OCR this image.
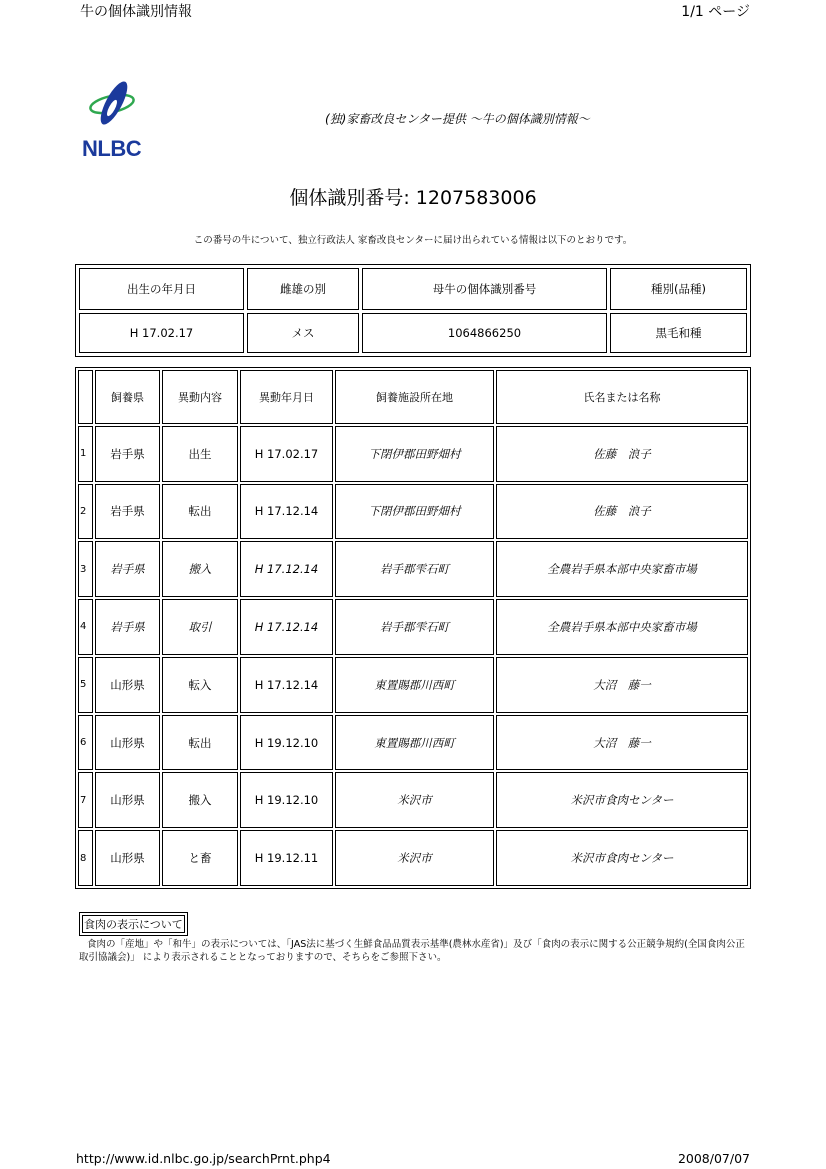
牛の個体識別情報	1/1 ページ
NLBC
(独)家畜改良センター提供 ～牛の個体識別情報～
個体識別番号: 1207583006
この番号の牛について、独立行政法人 家畜改良センターに届け出られている情報は以下のとおりです。
出生の年月日	雌雄の別	母牛の個体識別番号	種別(品種)
H 17.02.17	メス	1064866250	黒毛和種
	飼養県	異動内容	異動年月日	飼養施設所在地	氏名または名称
1	岩手県	出生	H 17.02.17	下閉伊郡田野畑村	佐藤　浪子
2	岩手県	転出	H 17.12.14	下閉伊郡田野畑村	佐藤　浪子
3	岩手県	搬入	H 17.12.14	岩手郡雫石町	全農岩手県本部中央家畜市場
4	岩手県	取引	H 17.12.14	岩手郡雫石町	全農岩手県本部中央家畜市場
5	山形県	転入	H 17.12.14	東置賜郡川西町	大沼　藤一
6	山形県	転出	H 19.12.10	東置賜郡川西町	大沼　藤一
7	山形県	搬入	H 19.12.10	米沢市	米沢市食肉センター
8	山形県	と畜	H 19.12.11	米沢市	米沢市食肉センター
食肉の表示について
食肉の「産地」や「和牛」の表示については、「JAS法に基づく生鮮食品品質表示基準(農林水産省)」及び「食肉の表示に関する公正競争規約(全国食肉公正取引協議会)」 により表示されることとなっておりますので、そちらをご参照下さい。
http://www.id.nlbc.go.jp/searchPrnt.php4	2008/07/07
